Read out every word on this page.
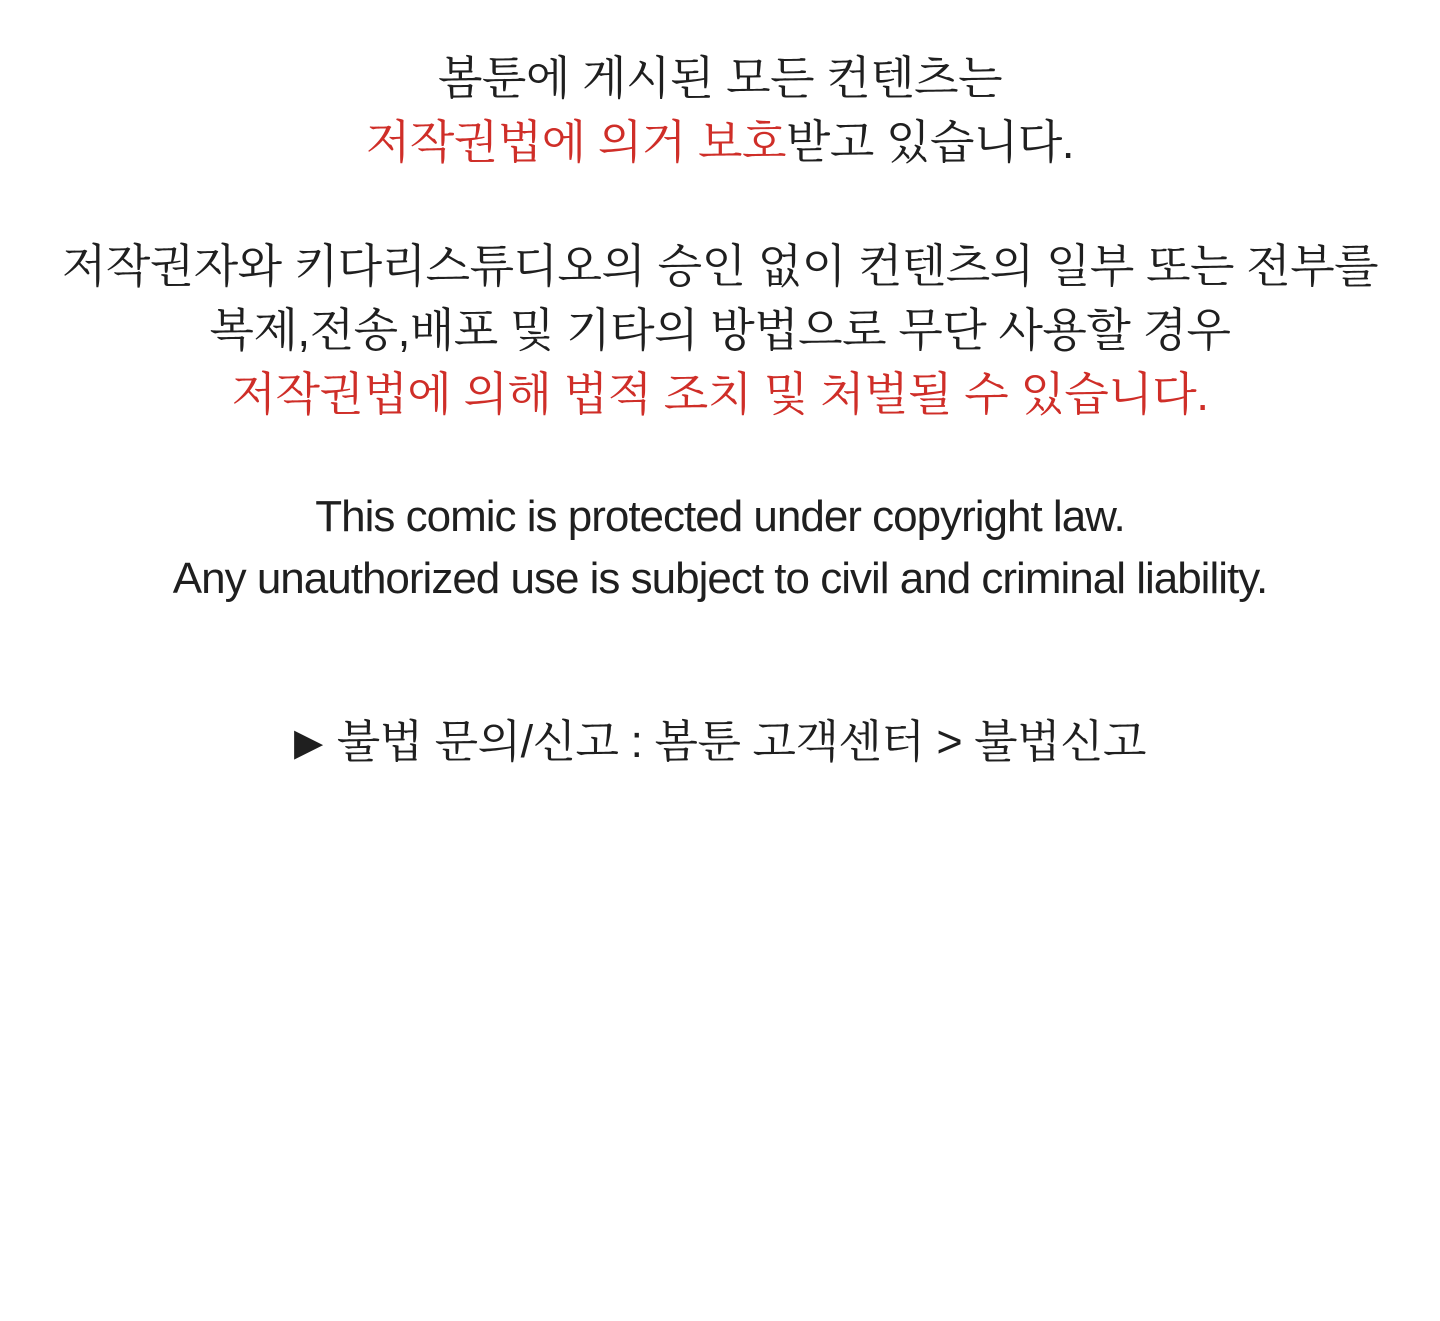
봄툰에 게시된 모든 컨텐츠는
저작권법에 의거 보호받고 있습니다.
저작권자와 키다리스튜디오의 승인 없이 컨텐츠의 일부 또는 전부를
복제,전송,배포 및 기타의 방법으로 무단 사용할 경우
저작권법에 의해 법적 조치 및 처벌될 수 있습니다.
This comic is protected under copyright law.
Any unauthorized use is subject to civil and criminal liability.
▶ 불법 문의/신고 : 봄툰 고객센터 > 불법신고
